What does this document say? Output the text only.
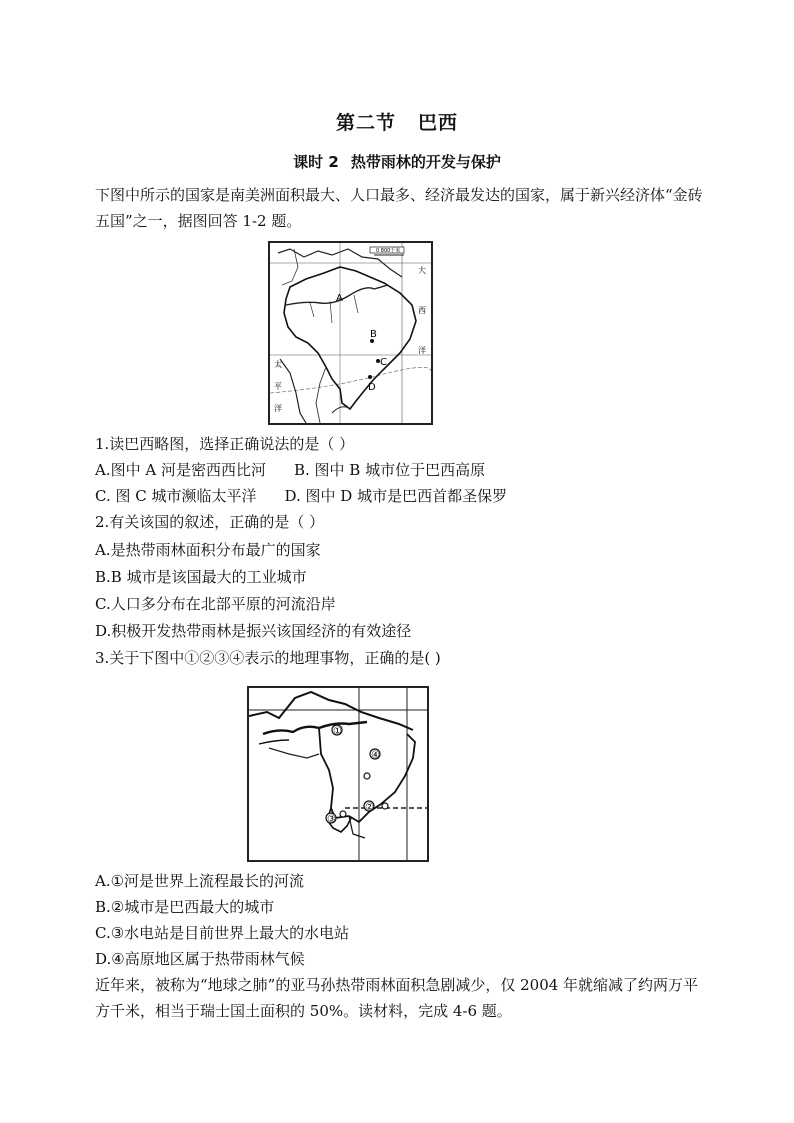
第二节 巴西
课时 2 热带雨林的开发与保护

下图中所示的国家是南美洲面积最大、人口最多、经济最发达的国家，属于新兴经济体“金砖五国”之一，据图回答 1-2 题。

0 800千米
A
B
C
D
大
西
洋
太
平
洋
1.读巴西略图，选择正确说法的是（ ）
A.图中 A 河是密西西比河 B. 图中 B 城市位于巴西高原
C. 图 C 城市濒临太平洋 D. 图中 D 城市是巴西首都圣保罗
2.有关该国的叙述，正确的是（ ）
A.是热带雨林面积分布最广的国家
B.B 城市是该国最大的工业城市
C.人口多分布在北部平原的河流沿岸
D.积极开发热带雨林是振兴该国经济的有效途径
3.关于下图中①②③④表示的地理事物，正确的是( )
①
④
②
③
A.①河是世界上流程最长的河流
B.②城市是巴西最大的城市
C.③水电站是目前世界上最大的水电站
D.④高原地区属于热带雨林气候

近年来，被称为“地球之肺”的亚马孙热带雨林面积急剧减少，仅 2004 年就缩减了约两万平方千米，相当于瑞士国土面积的 50%。读材料，完成 4-6 题。
